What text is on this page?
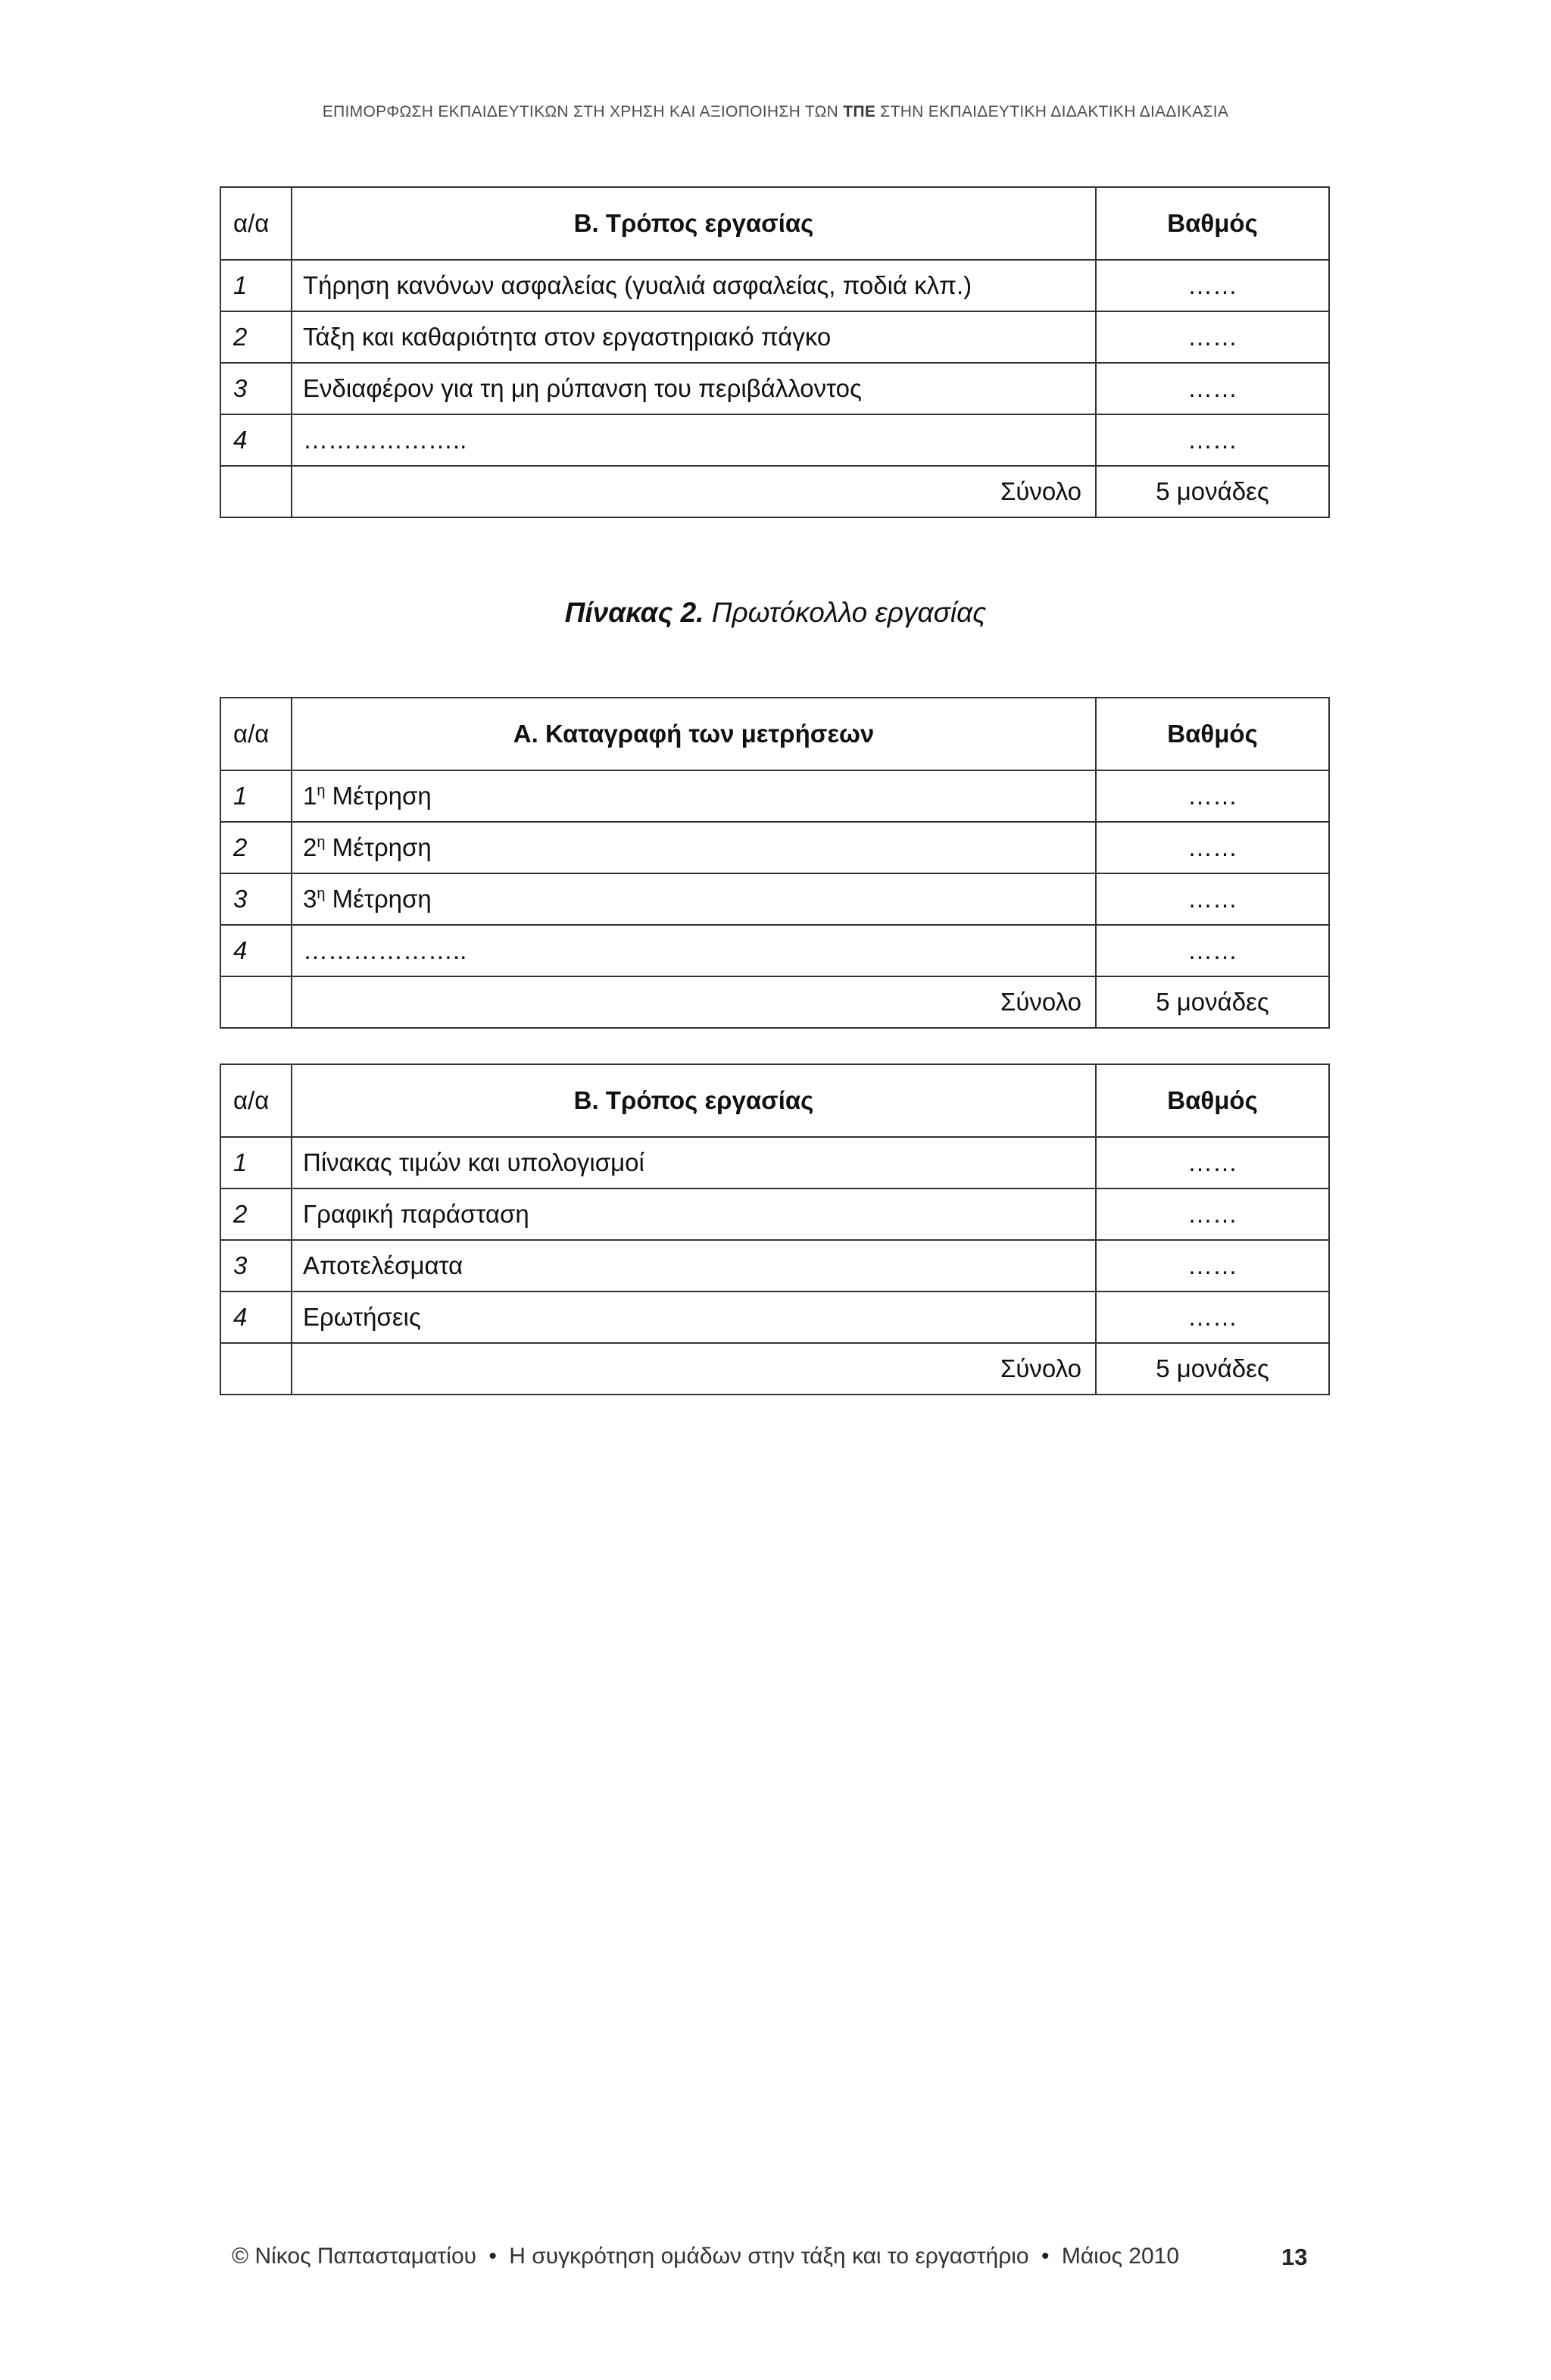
ΕΠΙΜΟΡΦΩΣΗ ΕΚΠΑΙΔΕΥΤΙΚΩΝ ΣΤΗ ΧΡΗΣΗ ΚΑΙ ΑΞΙΟΠΟΙΗΣΗ ΤΩΝ ΤΠΕ ΣΤΗΝ ΕΚΠΑΙΔΕΥΤΙΚΗ ΔΙΔΑΚΤΙΚΗ ΔΙΑΔΙΚΑΣΙΑ
α/α	Β. Τρόπος εργασίας	Βαθμός
1	Τήρηση κανόνων ασφαλείας (γυαλιά ασφαλείας, ποδιά κλπ.)	……
2	Τάξη και καθαριότητα στον εργαστηριακό πάγκο	……
3	Ενδιαφέρον για τη μη ρύπανση του περιβάλλοντος	……
4	………………..	……
	Σύνολο	5 μονάδες
Πίνακας 2. Πρωτόκολλο εργασίας
α/α	Α. Καταγραφή των μετρήσεων	Βαθμός
1	$1^\eta$ Μέτρηση	……
2	$2^\eta$ Μέτρηση	……
3	$3^\eta$ Μέτρηση	……
4	………………..	……
	Σύνολο	5 μονάδες
α/α	Β. Τρόπος εργασίας	Βαθμός
1	Πίνακας τιμών και υπολογισμοί	……
2	Γραφική παράσταση	……
3	Αποτελέσματα	……
4	Ερωτήσεις	……
	Σύνολο	5 μονάδες
© Νίκος Παπασταματίου • Η συγκρότηση ομάδων στην τάξη και το εργαστήριο • Μάιος 2010	13
